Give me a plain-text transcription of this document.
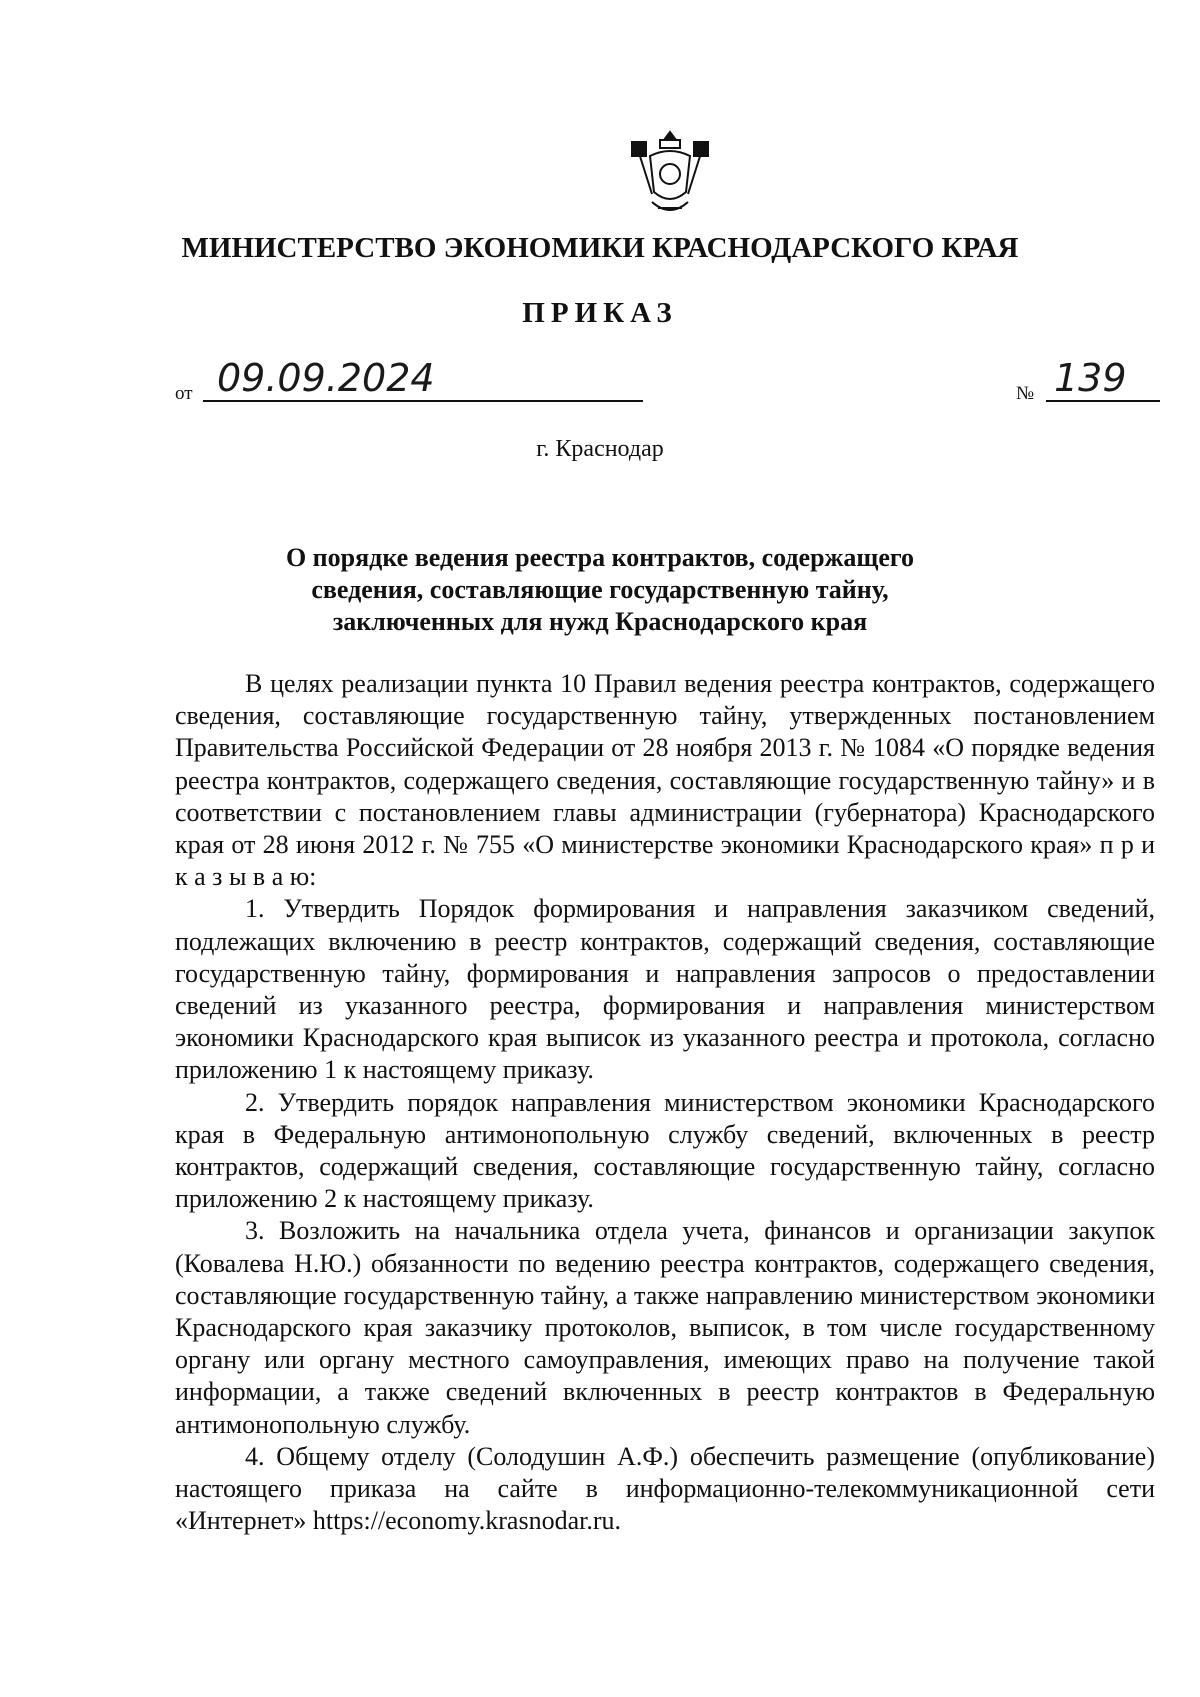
МИНИСТЕРСТВО ЭКОНОМИКИ КРАСНОДАРСКОГО КРАЯ
ПРИКАЗ
от 09.09.2024	№ 139
г. Краснодар
О порядке ведения реестра контрактов, содержащего
сведения, составляющие государственную тайну,
заключенных для нужд Краснодарского края

В целях реализации пункта 10 Правил ведения реестра контрактов, содержащего сведения, составляющие государственную тайну, утвержденных постановлением Правительства Российской Федерации от 28 ноября 2013 г. № 1084 «О порядке ведения реестра контрактов, содержащего сведения, составляющие государственную тайну» и в соответствии с постановлением главы администрации (губернатора) Краснодарского края от 28 июня 2012 г. № 755 «О министерстве экономики Краснодарского края» п р и к а з ы в а ю:

1. Утвердить Порядок формирования и направления заказчиком сведений, подлежащих включению в реестр контрактов, содержащий сведения, составляющие государственную тайну, формирования и направления запросов о предоставлении сведений из указанного реестра, формирования и направления министерством экономики Краснодарского края выписок из указанного реестра и протокола, согласно приложению 1 к настоящему приказу.

2. Утвердить порядок направления министерством экономики Краснодарского края в Федеральную антимонопольную службу сведений, включенных в реестр контрактов, содержащий сведения, составляющие государственную тайну, согласно приложению 2 к настоящему приказу.

3. Возложить на начальника отдела учета, финансов и организации закупок (Ковалева Н.Ю.) обязанности по ведению реестра контрактов, содержащего сведения, составляющие государственную тайну, а также направлению министерством экономики Краснодарского края заказчику протоколов, выписок, в том числе государственному органу или органу местного самоуправления, имеющих право на получение такой информации, а также сведений включенных в реестр контрактов в Федеральную антимонопольную службу.

4. Общему отделу (Солодушин А.Ф.) обеспечить размещение (опубликование) настоящего приказа на сайте в информационно-телекоммуникационной сети «Интернет» https://economy.krasnodar.ru.
